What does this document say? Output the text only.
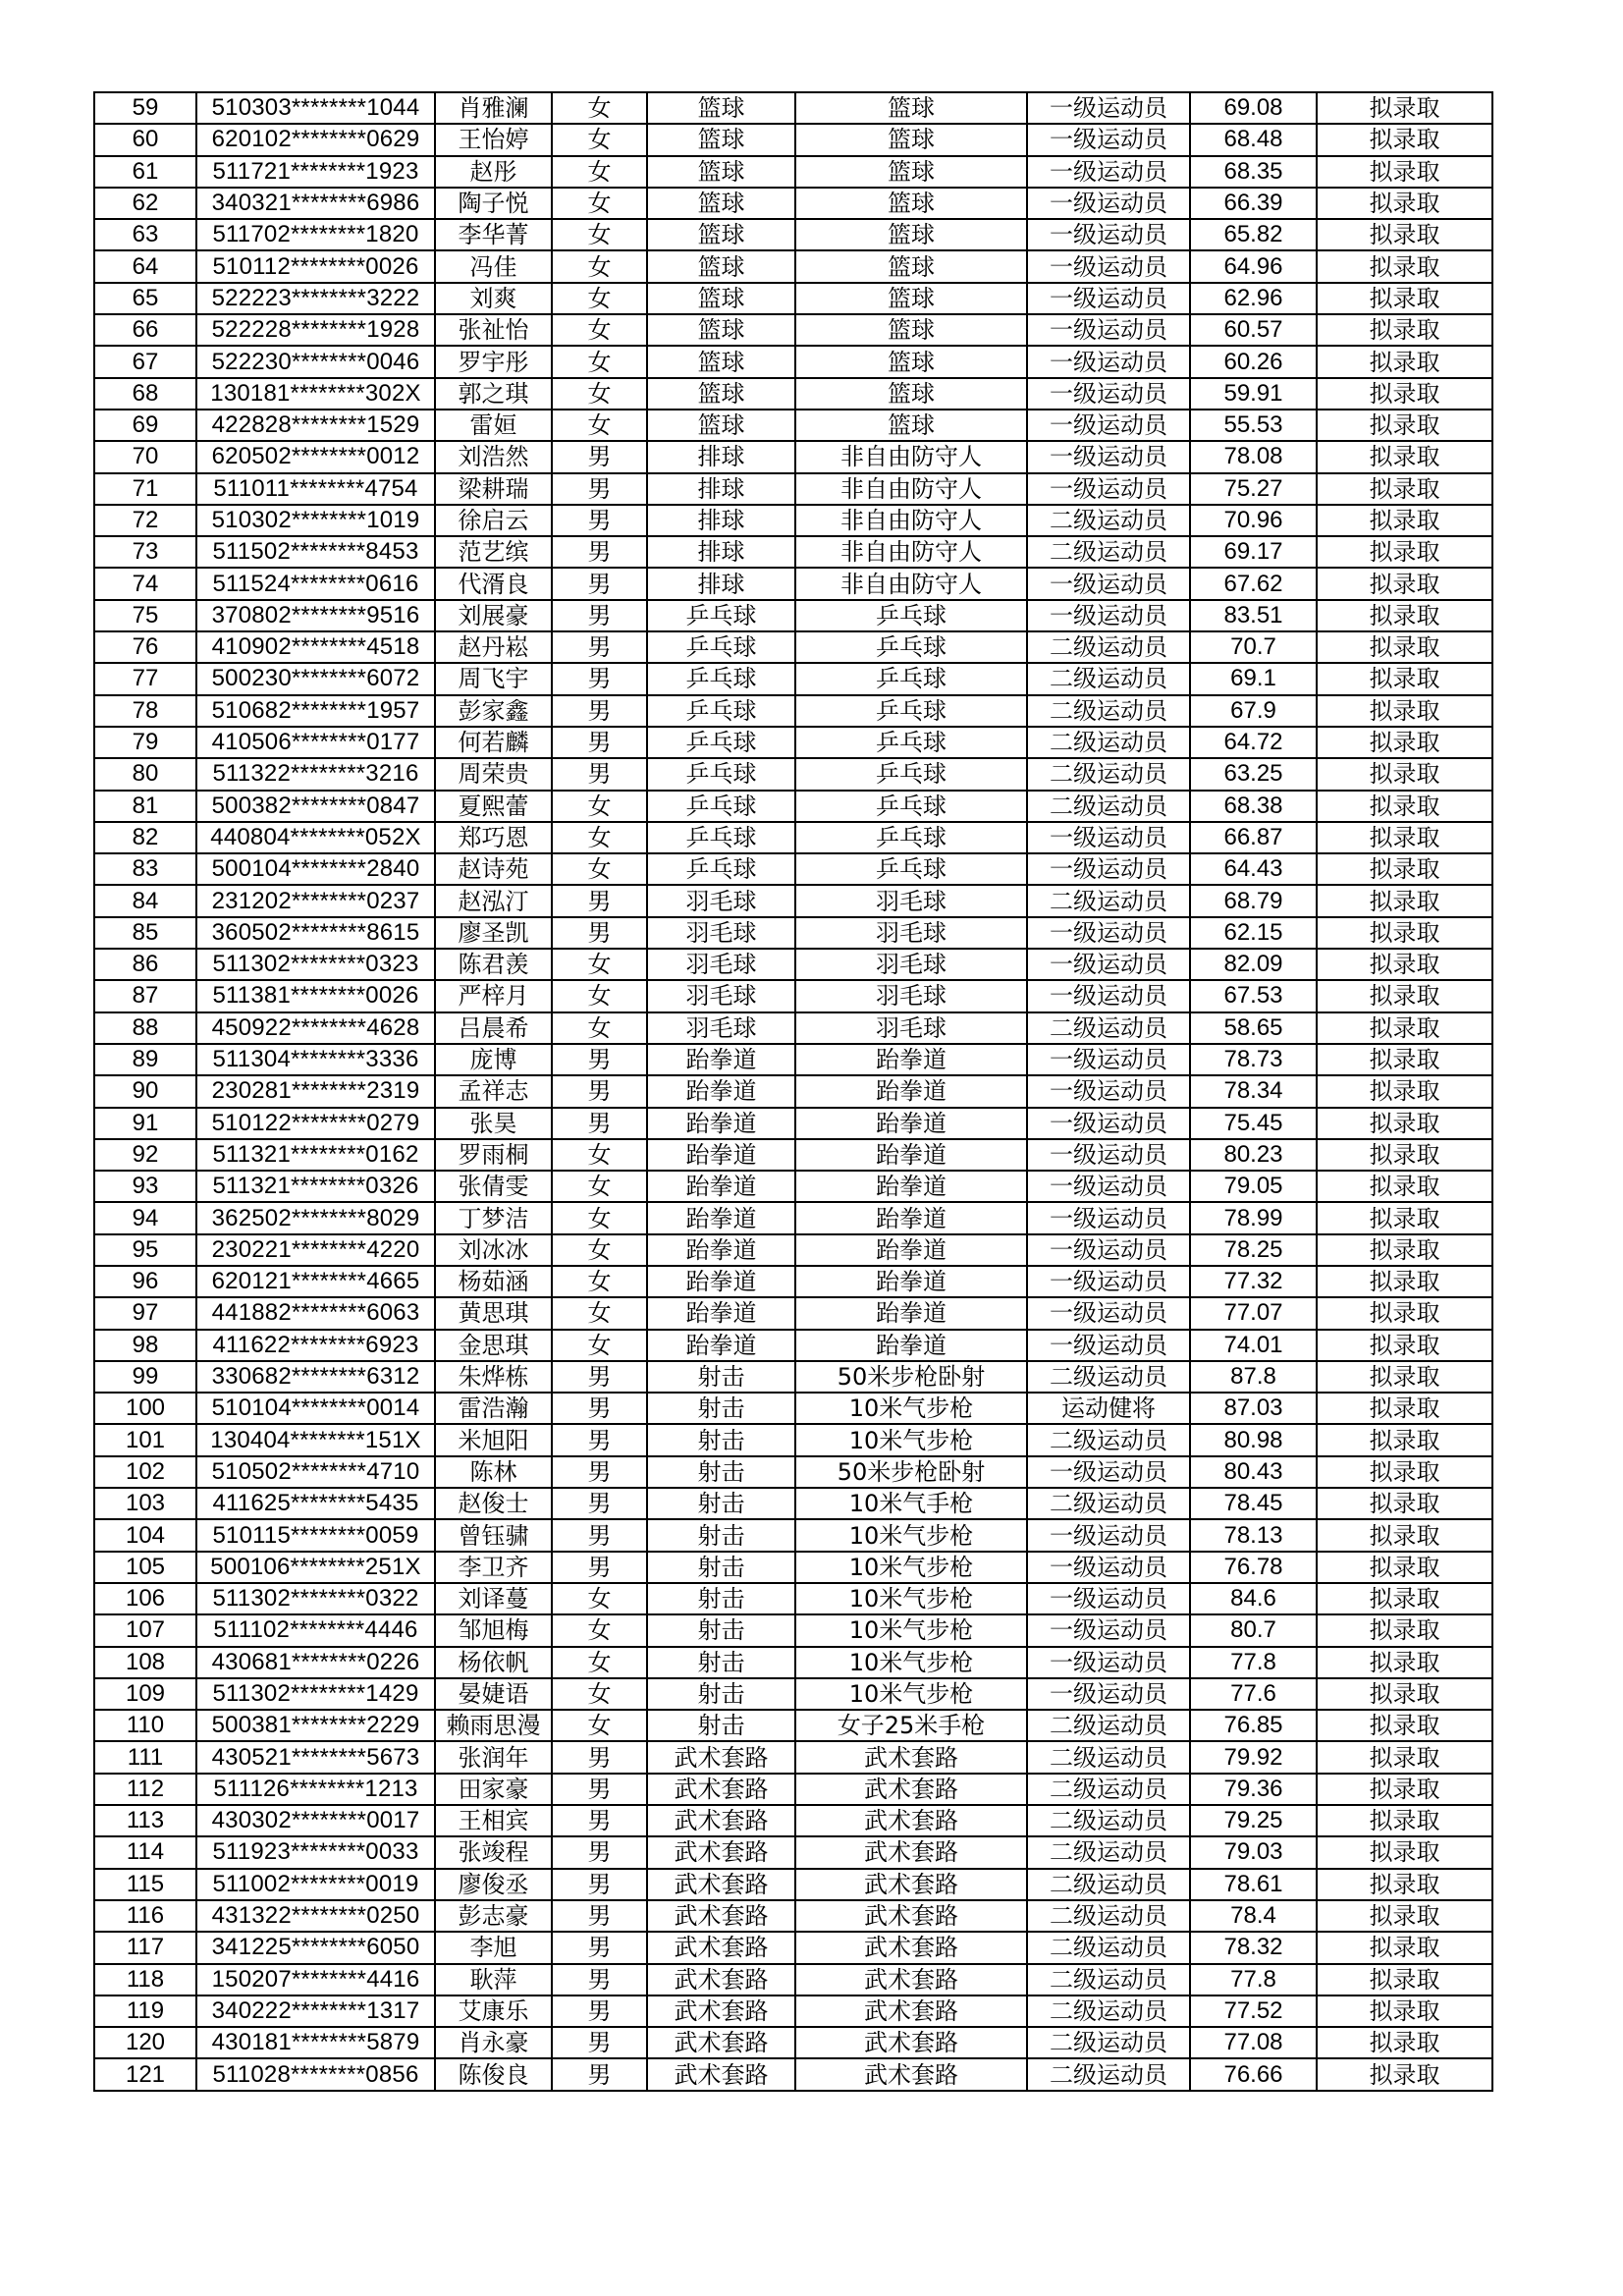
59	510303********1044	肖雅澜	女	篮球	篮球	一级运动员	69.08	拟录取
60	620102********0629	王怡婷	女	篮球	篮球	一级运动员	68.48	拟录取
61	511721********1923	赵彤	女	篮球	篮球	一级运动员	68.35	拟录取
62	340321********6986	陶子悦	女	篮球	篮球	一级运动员	66.39	拟录取
63	511702********1820	李华菁	女	篮球	篮球	一级运动员	65.82	拟录取
64	510112********0026	冯佳	女	篮球	篮球	一级运动员	64.96	拟录取
65	522223********3222	刘爽	女	篮球	篮球	一级运动员	62.96	拟录取
66	522228********1928	张祉怡	女	篮球	篮球	一级运动员	60.57	拟录取
67	522230********0046	罗宇彤	女	篮球	篮球	一级运动员	60.26	拟录取
68	130181********302X	郭之琪	女	篮球	篮球	一级运动员	59.91	拟录取
69	422828********1529	雷姮	女	篮球	篮球	一级运动员	55.53	拟录取
70	620502********0012	刘浩然	男	排球	非自由防守人	一级运动员	78.08	拟录取
71	511011********4754	梁耕瑞	男	排球	非自由防守人	一级运动员	75.27	拟录取
72	510302********1019	徐启云	男	排球	非自由防守人	二级运动员	70.96	拟录取
73	511502********8453	范艺缤	男	排球	非自由防守人	二级运动员	69.17	拟录取
74	511524********0616	代湑良	男	排球	非自由防守人	一级运动员	67.62	拟录取
75	370802********9516	刘展豪	男	乒乓球	乒乓球	一级运动员	83.51	拟录取
76	410902********4518	赵丹崧	男	乒乓球	乒乓球	二级运动员	70.7	拟录取
77	500230********6072	周飞宇	男	乒乓球	乒乓球	二级运动员	69.1	拟录取
78	510682********1957	彭家鑫	男	乒乓球	乒乓球	二级运动员	67.9	拟录取
79	410506********0177	何若麟	男	乒乓球	乒乓球	二级运动员	64.72	拟录取
80	511322********3216	周荣贵	男	乒乓球	乒乓球	二级运动员	63.25	拟录取
81	500382********0847	夏熙蕾	女	乒乓球	乒乓球	二级运动员	68.38	拟录取
82	440804********052X	郑巧恩	女	乒乓球	乒乓球	一级运动员	66.87	拟录取
83	500104********2840	赵诗苑	女	乒乓球	乒乓球	一级运动员	64.43	拟录取
84	231202********0237	赵泓汀	男	羽毛球	羽毛球	二级运动员	68.79	拟录取
85	360502********8615	廖圣凯	男	羽毛球	羽毛球	一级运动员	62.15	拟录取
86	511302********0323	陈君羡	女	羽毛球	羽毛球	一级运动员	82.09	拟录取
87	511381********0026	严梓月	女	羽毛球	羽毛球	一级运动员	67.53	拟录取
88	450922********4628	吕晨希	女	羽毛球	羽毛球	二级运动员	58.65	拟录取
89	511304********3336	庞博	男	跆拳道	跆拳道	一级运动员	78.73	拟录取
90	230281********2319	孟祥志	男	跆拳道	跆拳道	一级运动员	78.34	拟录取
91	510122********0279	张昊	男	跆拳道	跆拳道	一级运动员	75.45	拟录取
92	511321********0162	罗雨桐	女	跆拳道	跆拳道	一级运动员	80.23	拟录取
93	511321********0326	张倩雯	女	跆拳道	跆拳道	一级运动员	79.05	拟录取
94	362502********8029	丁梦洁	女	跆拳道	跆拳道	一级运动员	78.99	拟录取
95	230221********4220	刘冰冰	女	跆拳道	跆拳道	一级运动员	78.25	拟录取
96	620121********4665	杨茹涵	女	跆拳道	跆拳道	一级运动员	77.32	拟录取
97	441882********6063	黄思琪	女	跆拳道	跆拳道	一级运动员	77.07	拟录取
98	411622********6923	金思琪	女	跆拳道	跆拳道	一级运动员	74.01	拟录取
99	330682********6312	朱烨栋	男	射击	50米步枪卧射	二级运动员	87.8	拟录取
100	510104********0014	雷浩瀚	男	射击	10米气步枪	运动健将	87.03	拟录取
101	130404********151X	米旭阳	男	射击	10米气步枪	二级运动员	80.98	拟录取
102	510502********4710	陈林	男	射击	50米步枪卧射	一级运动员	80.43	拟录取
103	411625********5435	赵俊士	男	射击	10米气手枪	二级运动员	78.45	拟录取
104	510115********0059	曾钰骕	男	射击	10米气步枪	一级运动员	78.13	拟录取
105	500106********251X	李卫齐	男	射击	10米气步枪	一级运动员	76.78	拟录取
106	511302********0322	刘译蔓	女	射击	10米气步枪	一级运动员	84.6	拟录取
107	511102********4446	邹旭梅	女	射击	10米气步枪	一级运动员	80.7	拟录取
108	430681********0226	杨依帆	女	射击	10米气步枪	一级运动员	77.8	拟录取
109	511302********1429	晏婕语	女	射击	10米气步枪	一级运动员	77.6	拟录取
110	500381********2229	赖雨思漫	女	射击	女子25米手枪	二级运动员	76.85	拟录取
111	430521********5673	张润年	男	武术套路	武术套路	二级运动员	79.92	拟录取
112	511126********1213	田家豪	男	武术套路	武术套路	二级运动员	79.36	拟录取
113	430302********0017	王相宾	男	武术套路	武术套路	二级运动员	79.25	拟录取
114	511923********0033	张竣程	男	武术套路	武术套路	二级运动员	79.03	拟录取
115	511002********0019	廖俊丞	男	武术套路	武术套路	二级运动员	78.61	拟录取
116	431322********0250	彭志豪	男	武术套路	武术套路	二级运动员	78.4	拟录取
117	341225********6050	李旭	男	武术套路	武术套路	二级运动员	78.32	拟录取
118	150207********4416	耿萍	男	武术套路	武术套路	二级运动员	77.8	拟录取
119	340222********1317	艾康乐	男	武术套路	武术套路	二级运动员	77.52	拟录取
120	430181********5879	肖永豪	男	武术套路	武术套路	二级运动员	77.08	拟录取
121	511028********0856	陈俊良	男	武术套路	武术套路	二级运动员	76.66	拟录取
